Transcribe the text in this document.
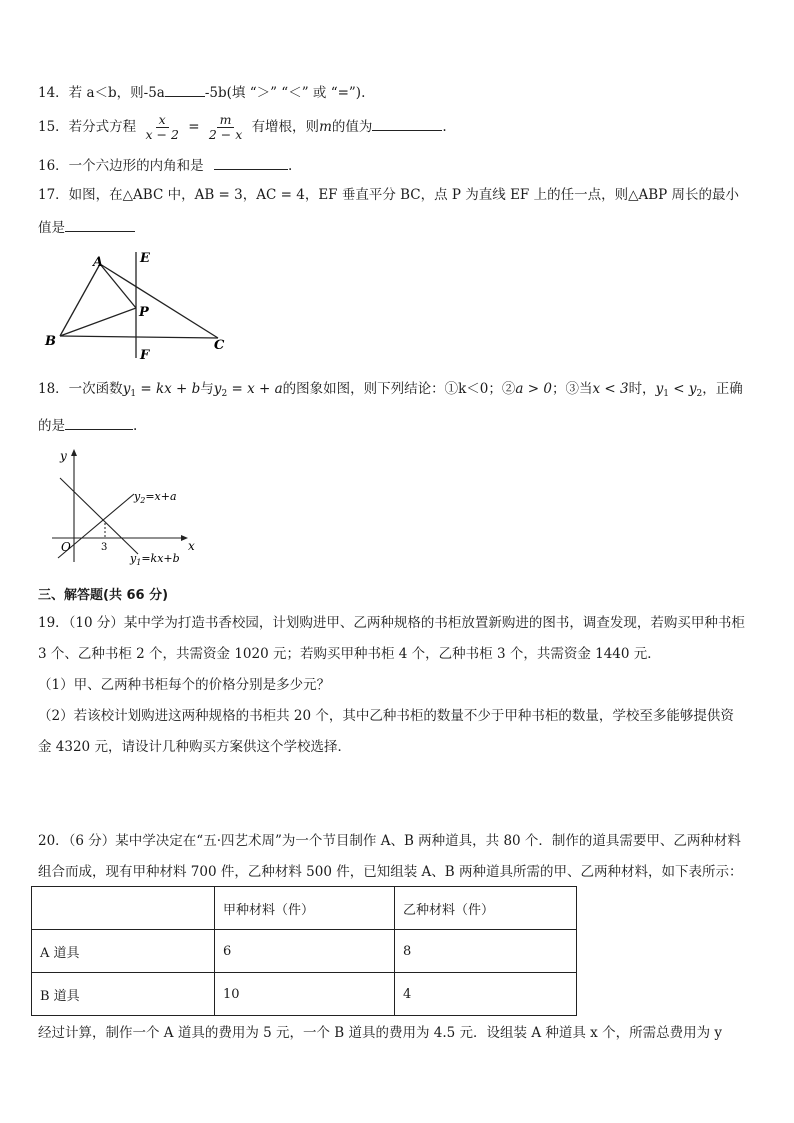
14．若 a＜b，则-5a	-5b(填 “＞” “＜” 或 “=”).
15．若分式方程 $\frac{x}{x - 2} = \frac{m}{2 - x}$ 有增根，则m的值为	.
16．一个六边形的内角和是	.
17．如图，在△ABC 中，AB = 3，AC = 4，EF 垂直平分 BC，点 P 为直线 EF 上的任一点，则△ABP 周长的最小
值是
A
B	C
E
F
P
18．一次函数$y_1$ = kx + b与$y_2 = x + a$的图象如图，则下列结论：①k＜0；②a > 0；③当x < 3时，$y_1 < y_2$，正确
的是	.
y
x
O	3
$y_2=x+a$
$y_1=kx+b$
三、解答题(共 66 分)
19．（10 分）某中学为打造书香校园，计划购进甲、乙两种规格的书柜放置新购进的图书，调查发现，若购买甲种书柜
3 个、乙种书柜 2 个，共需资金 1020 元；若购买甲种书柜 4 个，乙种书柜 3 个，共需资金 1440 元．
（1）甲、乙两种书柜每个的价格分别是多少元？
（2）若该校计划购进这两种规格的书柜共 20 个，其中乙种书柜的数量不少于甲种书柜的数量，学校至多能够提供资
金 4320 元，请设计几种购买方案供这个学校选择．
20．（6 分）某中学决定在“五·四艺术周”为一个节目制作 A、B 两种道具，共 80 个．制作的道具需要甲、乙两种材料
组合而成，现有甲种材料 700 件，乙种材料 500 件，已知组装 A、B 两种道具所需的甲、乙两种材料，如下表所示：
	甲种材料（件）	乙种材料（件）
A 道具	6	8
B 道具	10	4
经过计算，制作一个 A 道具的费用为 5 元，一个 B 道具的费用为 4.5 元．设组装 A 种道具 x 个，所需总费用为 y
